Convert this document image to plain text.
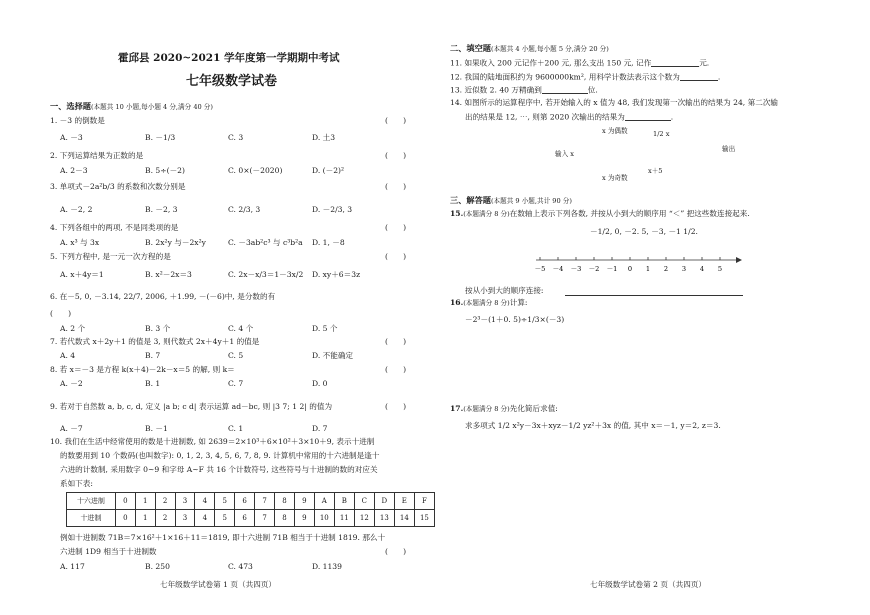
霍邱县 2020~2021 学年度第一学期期中考试
七年级数学试卷
一、选择题(本题共 10 小题,每小题 4 分,满分 40 分)
1. －3 的倒数是	(　　)
A. －3	B. －1/3	C. 3	D. 土3
2. 下列运算结果为正数的是	(　　)
A. 2－3	B. 5÷(－2)	C. 0×(－2020)	D. (－2)²
3. 单项式－2a²b/3 的系数和次数分别是	(　　)
A. －2, 2	B. －2, 3	C. 2/3, 3	D. －2/3, 3
4. 下列各组中的两项, 不是同类项的是	(　　)
A. x³ 与 3x	B. 2x²y 与－2x²y	C. －3ab²c³ 与 c³b²a D. 1, －8
5. 下列方程中, 是一元一次方程的是	(　　)
A. x＋4y＝1	B. x²－2x＝3	C. 2x－x/3＝1－3x/2 D. xy＋6＝3z
6. 在－5, 0, －3.14, 22/7, 2006, ＋1.99, －(－6)中, 是分数的有
(　　)
A. 2 个	B. 3 个	C. 4 个	D. 5 个
7. 若代数式 x＋2y＋1 的值是 3, 则代数式 2x＋4y＋1 的值是	(　　)
A. 4	B. 7	C. 5	D. 不能确定
8. 若 x＝－3 是方程 k(x＋4)－2k－x＝5 的解, 则 k＝	(　　)
A. －2	B. 1	C. 7	D. 0
9. 若对于自然数 a, b, c, d, 定义 |a b; c d| 表示运算 ad－bc, 则 |3 7; 1 2| 的值为	(　　)
A. －7	B. －1	C. 1	D. 7
10. 我们在生活中经常使用的数是十进制数, 如 2639＝2×10³＋6×10²＋3×10＋9, 表示十进制
的数要用到 10 个数码(也叫数字): 0, 1, 2, 3, 4, 5, 6, 7, 8, 9. 计算机中常用的十六进制是逢十
六进的计数制, 采用数字 0~9 和字母 A~F 共 16 个计数符号, 这些符号与十进制的数的对应关
系如下表:
十六进制	0	1	2	3	4	5	6	7	8	9	A	B	C	D	E	F
十进制	0	1	2	3	4	5	6	7	8	9	10	11	12	13	14	15
例如十进制数 71B＝7×16²＋1×16＋11＝1819, 即十六进制 71B 相当于十进制 1819. 那么十
六进制 1D9 相当于十进制数	(　　)
A. 117	B. 250	C. 473	D. 1139
七年级数学试卷第 1 页（共四页）
二、填空题(本题共 4 小题,每小题 5 分,满分 20 分)
11. 如果收入 200 元记作＋200 元, 那么支出 150 元, 记作	元.
12. 我国的陆地面积约为 9600000km², 用科学计数法表示这个数为	.
13. 近似数 2. 40 万精确到	位.
14. 如图所示的运算程序中, 若开始输入的 x 值为 48, 我们发现第一次输出的结果为 24, 第二次输
出的结果是 12, ⋯, 则第 2020 次输出的结果为	.
x 为偶数	1/2 x
输入 x
输出
x 为奇数
x＋5
三、解答题(本题共 9 小题,共计 90 分)
15.(本题满分 8 分)在数轴上表示下列各数, 并按从小到大的顺序用 “＜” 把这些数连接起来.
－1/2, 0, －2. 5, －3, －1 1/2.
－5 －4 －3 －2 －1 0 1 2 3 4 5
按从小到大的顺序连接:
16.(本题满分 8 分)计算:
－2³－(1＋0. 5)÷1/3×(－3)
17.(本题满分 8 分)先化简后求值:
求多项式 1/2 x²y－3x＋xyz－1/2 yz²＋3x 的值, 其中 x＝－1, y＝2, z＝3.
七年级数学试卷第 2 页（共四页）
